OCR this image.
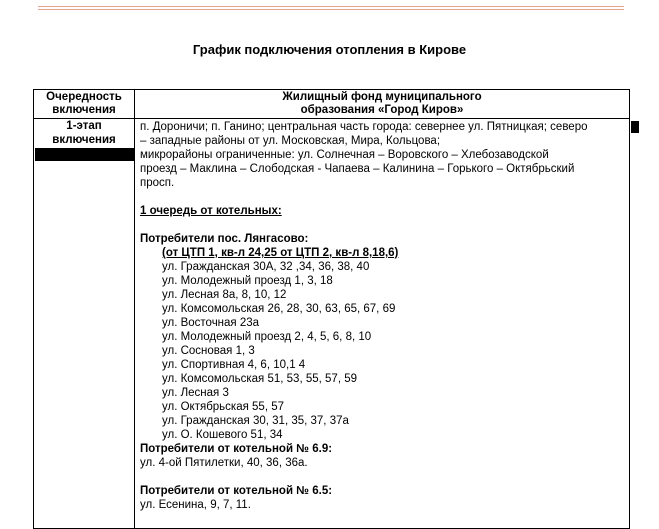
График подключения отопления в Кирове
Очередность
включения
Жилищный фонд муниципального
образования «Город Киров»
1-этап
включения

п. Дороничи; п. Ганино; центральная часть города: севернее ул. Пятницкая; северо

– западные районы от ул. Московская, Мира, Кольцова;

микрорайоны ограниченные: ул. Солнечная – Воровского – Хлебозаводской

проезд – Маклина – Слободская - Чапаева – Калинина – Горького – Октябрьский

просп.

1 очередь от котельных:

Потребители пос. Лянгасово:

(от ЦТП 1, кв-л 24,25 от ЦТП 2, кв-л 8,18,6)

ул. Гражданская 30А, 32 ,34, 36, 38, 40

ул. Молодежный проезд 1, 3, 18

ул. Лесная 8а, 8, 10, 12

ул. Комсомольская 26, 28, 30, 63, 65, 67, 69

ул. Восточная 23а

ул. Молодежный проезд 2, 4, 5, 6, 8, 10

ул. Сосновая 1, 3

ул. Спортивная 4, 6, 10,1 4

ул. Комсомольская 51, 53, 55, 57, 59

ул. Лесная 3

ул. Октябрьская 55, 57

ул. Гражданская 30, 31, 35, 37, 37а

ул. О. Кошевого 51, 34

Потребители от котельной № 6.9:

ул. 4-ой Пятилетки, 40, 36, 36а.

Потребители от котельной № 6.5:

ул. Есенина, 9, 7, 11.
